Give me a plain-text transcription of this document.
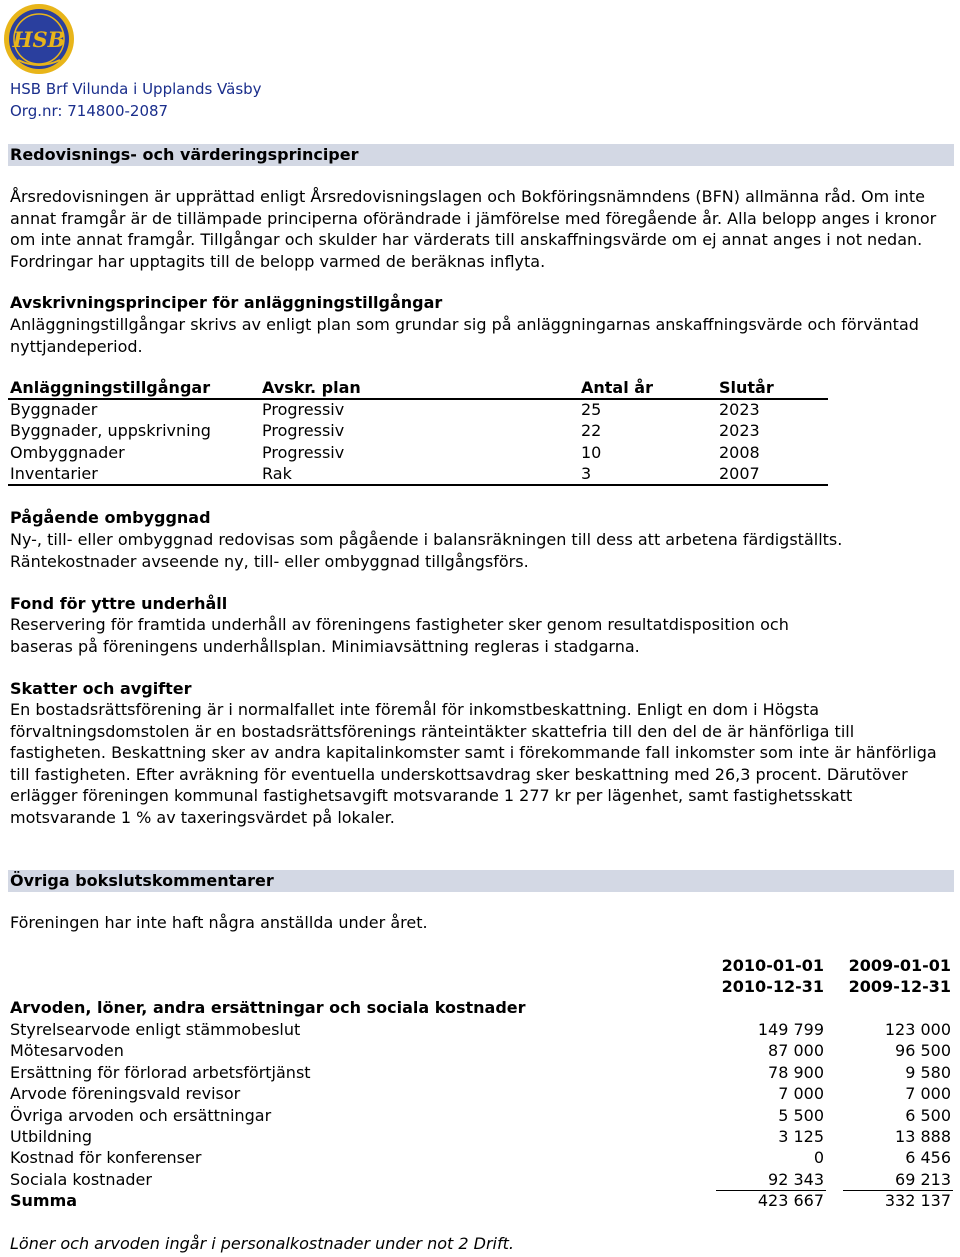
HSB
HSB Brf Vilunda i Upplands Väsby
Org.nr: 714800-2087
Redovisnings- och värderingsprinciper

Årsredovisningen är upprättad enligt Årsredovisningslagen och Bokföringsnämndens (BFN) allmänna råd. Om inte annat framgår är de tillämpade principerna oförändrade i jämförelse med föregående år. Alla belopp anges i kronor om inte annat framgår. Tillgångar och skulder har värderats till anskaffningsvärde om ej annat anges i not nedan. Fordringar har upptagits till de belopp varmed de beräknas inflyta.

Avskrivningsprinciper för anläggningstillgångar
Anläggningstillgångar skrivs av enligt plan som grundar sig på anläggningarnas anskaffningsvärde och förväntad nyttjandeperiod.
Anläggningstillgångar	Avskr. plan	Antal år	Slutår
Byggnader	Progressiv	25	2023
Byggnader, uppskrivning	Progressiv	22	2023
Ombyggnader	Progressiv	10	2008
Inventarier	Rak	3	2007
Pågående ombyggnad
Ny-, till- eller ombyggnad redovisas som pågående i balansräkningen till dess att arbetena färdigställts. Räntekostnader avseende ny, till- eller ombyggnad tillgångsförs.
Fond för yttre underhåll
Reservering för framtida underhåll av föreningens fastigheter sker genom resultatdisposition och baseras på föreningens underhållsplan. Minimiavsättning regleras i stadgarna.
Skatter och avgifter
En bostadsrättsförening är i normalfallet inte föremål för inkomstbeskattning. Enligt en dom i Högsta förvaltningsdomstolen är en bostadsrättsförenings ränteintäkter skattefria till den del de är hänförliga till fastigheten. Beskattning sker av andra kapitalinkomster samt i förekommande fall inkomster som inte är hänförliga till fastigheten. Efter avräkning för eventuella underskottsavdrag sker beskattning med 26,3 procent. Därutöver erlägger föreningen kommunal fastighetsavgift motsvarande 1 277 kr per lägenhet, samt fastighetsskatt motsvarande 1 % av taxeringsvärdet på lokaler.
Övriga bokslutskommentarer
Föreningen har inte haft några anställda under året.
2010-01-01 2009-01-01
2010-12-31 2009-12-31
Arvoden, löner, andra ersättningar och sociala kostnader
Styrelsearvode enligt stämmobeslut	149 799	123 000
Mötesarvoden	87 000	96 500
Ersättning för förlorad arbetsförtjänst	78 900	9 580
Arvode föreningsvald revisor	7 000	7 000
Övriga arvoden och ersättningar	5 500	6 500
Utbildning	3 125	13 888
Kostnad för konferenser	0	6 456
Sociala kostnader	92 343	69 213
Summa	423 667	332 137
Löner och arvoden ingår i personalkostnader under not 2 Drift.
